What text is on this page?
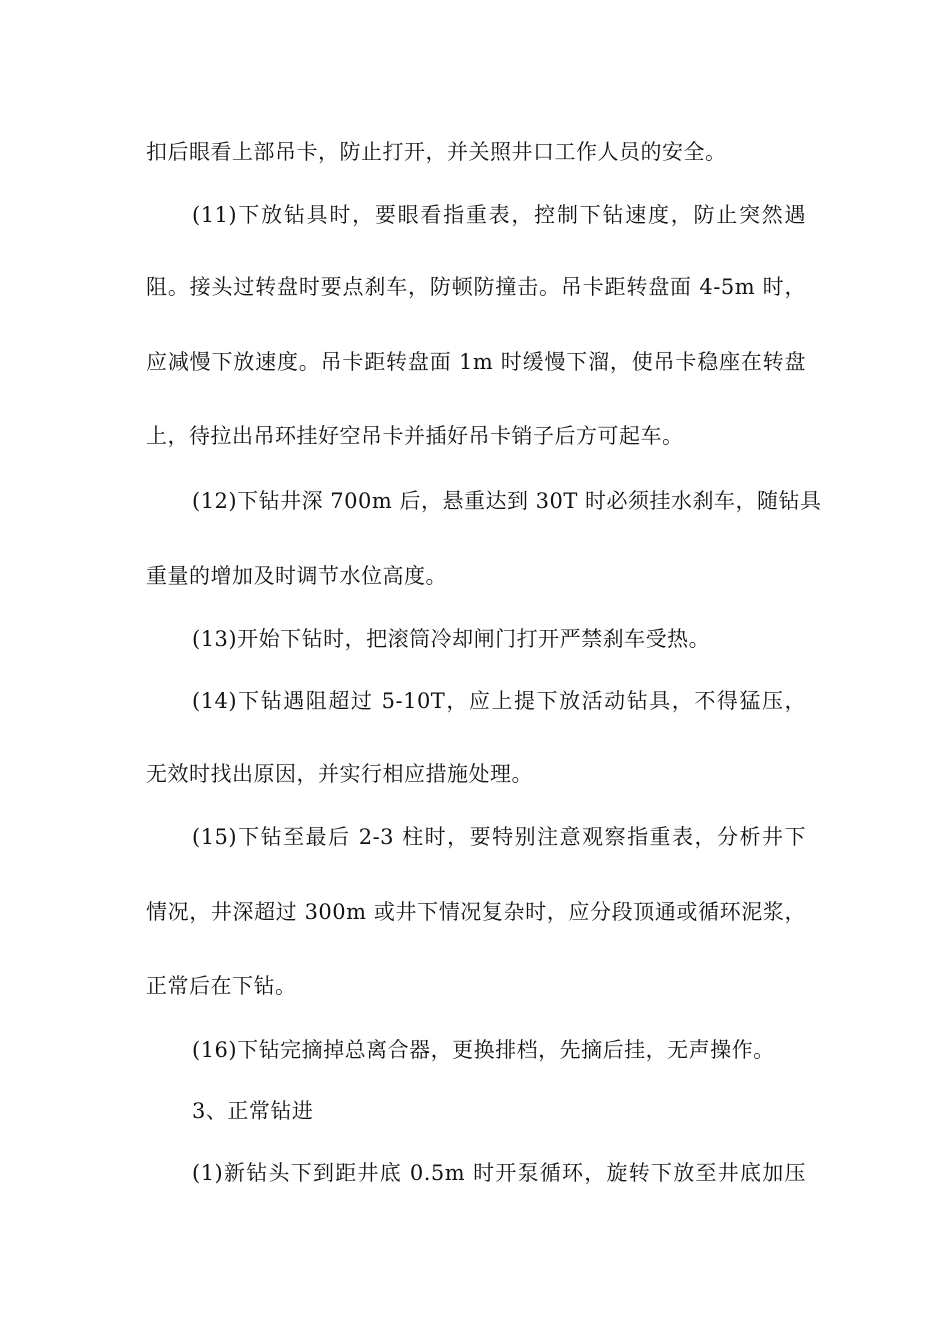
扣后眼看上部吊卡，防止打开，并关照井口工作人员的安全。
(11)下放钻具时，要眼看指重表，控制下钻速度，防止突然遇
阻。接头过转盘时要点刹车，防顿防撞击。吊卡距转盘面 4-5m 时，
应减慢下放速度。吊卡距转盘面 1m 时缓慢下溜，使吊卡稳座在转盘
上，待拉出吊环挂好空吊卡并插好吊卡销子后方可起车。
(12)下钻井深 700m 后，悬重达到 30T 时必须挂水刹车，随钻具
重量的增加及时调节水位高度。
(13)开始下钻时，把滚筒冷却闸门打开严禁刹车受热。
(14)下钻遇阻超过 5-10T，应上提下放活动钻具，不得猛压，
无效时找出原因，并实行相应措施处理。
(15)下钻至最后 2-3 柱时，要特别注意观察指重表，分析井下
情况，井深超过 300m 或井下情况复杂时，应分段顶通或循环泥浆，
正常后在下钻。
(16)下钻完摘掉总离合器，更换排档，先摘后挂，无声操作。
3、正常钻进
(1)新钻头下到距井底 0.5m 时开泵循环，旋转下放至井底加压
